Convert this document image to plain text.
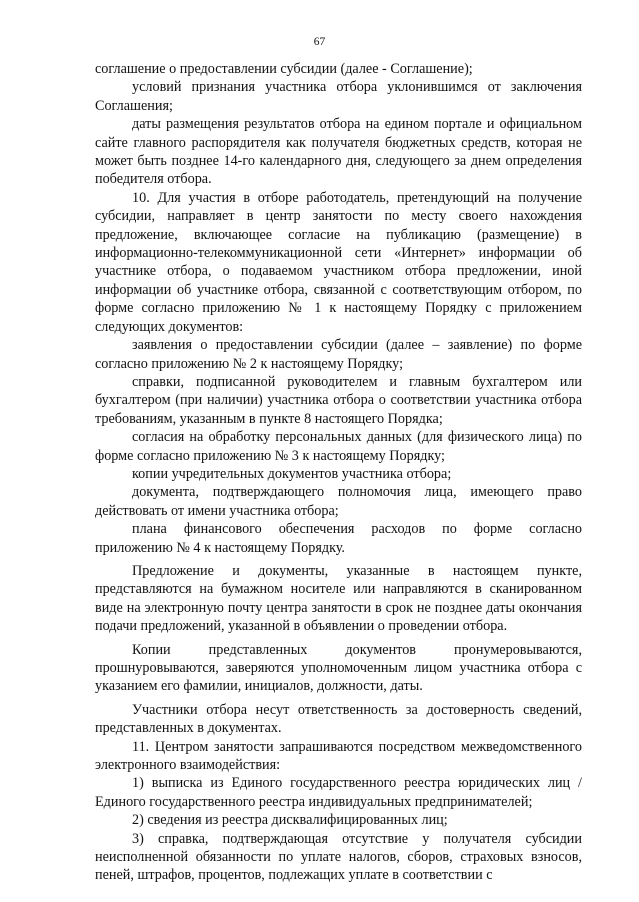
67

соглашение о предоставлении субсидии (далее - Соглашение);

условий признания участника отбора уклонившимся от заключения Соглашения;

даты размещения результатов отбора на едином портале и официальном сайте главного распорядителя как получателя бюджетных средств, которая не может быть позднее 14-го календарного дня, следующего за днем определения победителя отбора.

10. Для участия в отборе работодатель, претендующий на получение субсидии, направляет в центр занятости по месту своего нахождения предложение, включающее согласие на публикацию (размещение) в информационно-телекоммуникационной сети «Интернет» информации об участнике отбора, о подаваемом участником отбора предложении, иной информации об участнике отбора, связанной с соответствующим отбором, по форме согласно приложению № 1 к настоящему Порядку с приложением следующих документов:

заявления о предоставлении субсидии (далее – заявление) по форме согласно приложению № 2 к настоящему Порядку;

справки, подписанной руководителем и главным бухгалтером или бухгалтером (при наличии) участника отбора о соответствии участника отбора требованиям, указанным в пункте 8 настоящего Порядка;

согласия на обработку персональных данных (для физического лица) по форме согласно приложению № 3 к настоящему Порядку;

копии учредительных документов участника отбора;

документа, подтверждающего полномочия лица, имеющего право действовать от имени участника отбора;

плана финансового обеспечения расходов по форме согласно приложению № 4 к настоящему Порядку.

Предложение и документы, указанные в настоящем пункте, представляются на бумажном носителе или направляются в сканированном виде на электронную почту центра занятости в срок не позднее даты окончания подачи предложений, указанной в объявлении о проведении отбора.

Копии представленных документов пронумеровываются, прошнуровываются, заверяются уполномоченным лицом участника отбора с указанием его фамилии, инициалов, должности, даты.

Участники отбора несут ответственность за достоверность сведений, представленных в документах.

11. Центром занятости запрашиваются посредством межведомственного электронного взаимодействия:

1) выписка из Единого государственного реестра юридических лиц / Единого государственного реестра индивидуальных предпринимателей;

2) сведения из реестра дисквалифицированных лиц;

3) справка, подтверждающая отсутствие у получателя субсидии неисполненной обязанности по уплате налогов, сборов, страховых взносов, пеней, штрафов, процентов, подлежащих уплате в соответствии с
